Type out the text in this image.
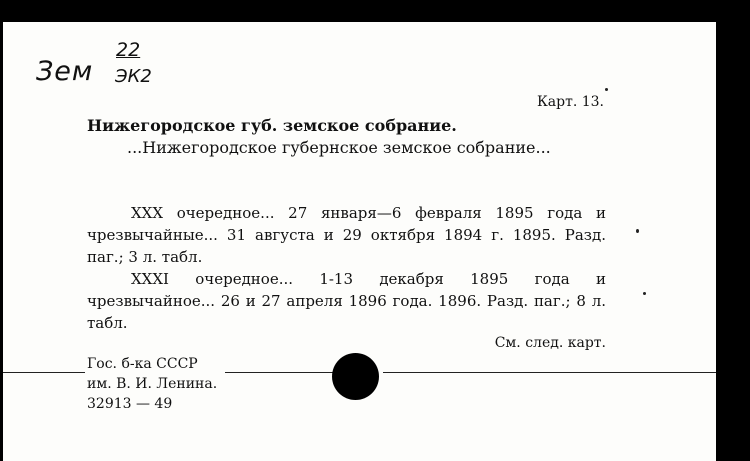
Зем
22
ЭК2
Карт. 13.
Нижегородское губ. земское собрание.
...Нижегородское губернское земское собрание...
XXX очередное... 27 января—6 февраля 1895 года и чрезвычайные... 31 августа и 29 октября 1894 г. 1895. Разд. паг.; 3 л. табл.
XXXI очередное... 1-13 декабря 1895 года и чрезвычайное... 26 и 27 апреля 1896 года. 1896. Разд. паг.; 8 л. табл.
См. след. карт.
Гос. б-ка СССР
им. В. И. Ленина.
32913 — 49
